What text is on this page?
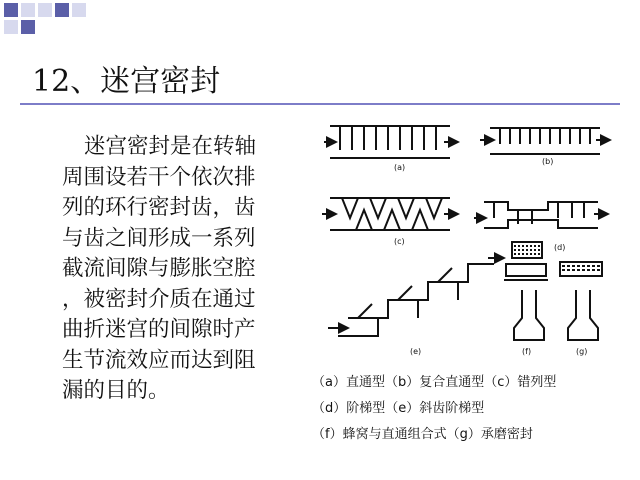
12、迷宫密封
迷宫密封是在转轴
周围设若干个依次排
列的环行密封齿，齿
与齿之间形成一系列
截流间隙与膨胀空腔
，被密封介质在通过
曲折迷宫的间隙时产
生节流效应而达到阻
漏的目的。
(a)
(b)
(c)
(d)
(e)	(f)	(g)
（a）直通型（b）复合直通型（c）错列型
（d）阶梯型（e）斜齿阶梯型
（f）蜂窝与直通组合式（g）承磨密封
